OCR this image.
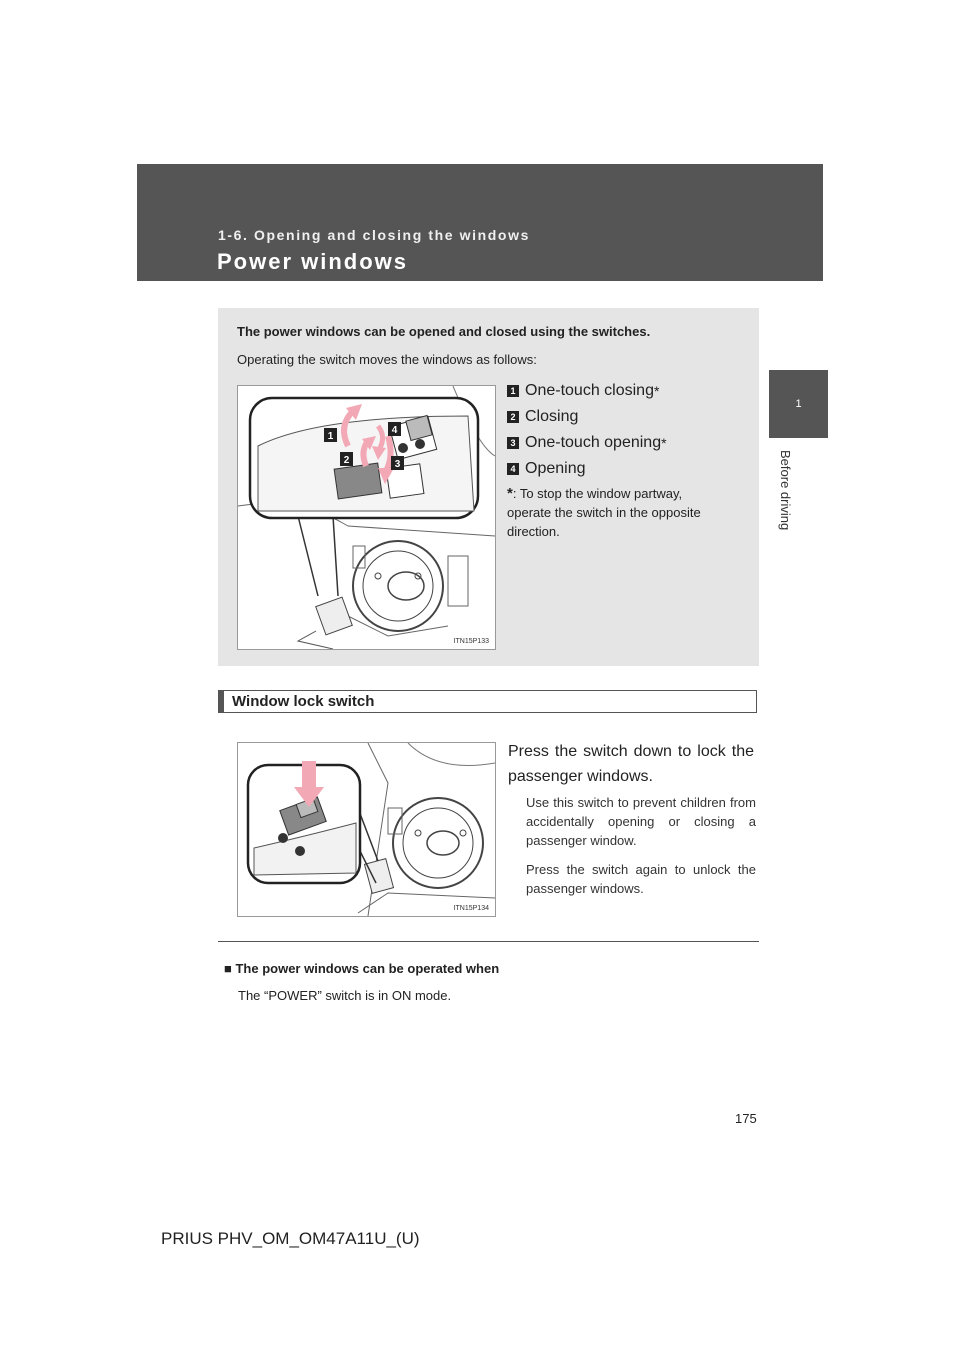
1-6. Opening and closing the windows
Power windows
1
Before driving
The power windows can be opened and closed using the switches.
Operating the switch moves the windows as follows:
1
2	3
4
ITN15P133
1 One-touch closing *
2 Closing
3 One-touch opening *
4 Opening
*: To stop the window partway, operate the switch in the opposite direction.
Window lock switch
ITN15P134
Press the switch down to lock the passenger windows.
Use this switch to prevent children from accidentally opening or closing a passenger window.
Press the switch again to unlock the passenger windows.
■ The power windows can be operated when
The “POWER” switch is in ON mode.
175
PRIUS PHV_OM_OM47A11U_(U)
